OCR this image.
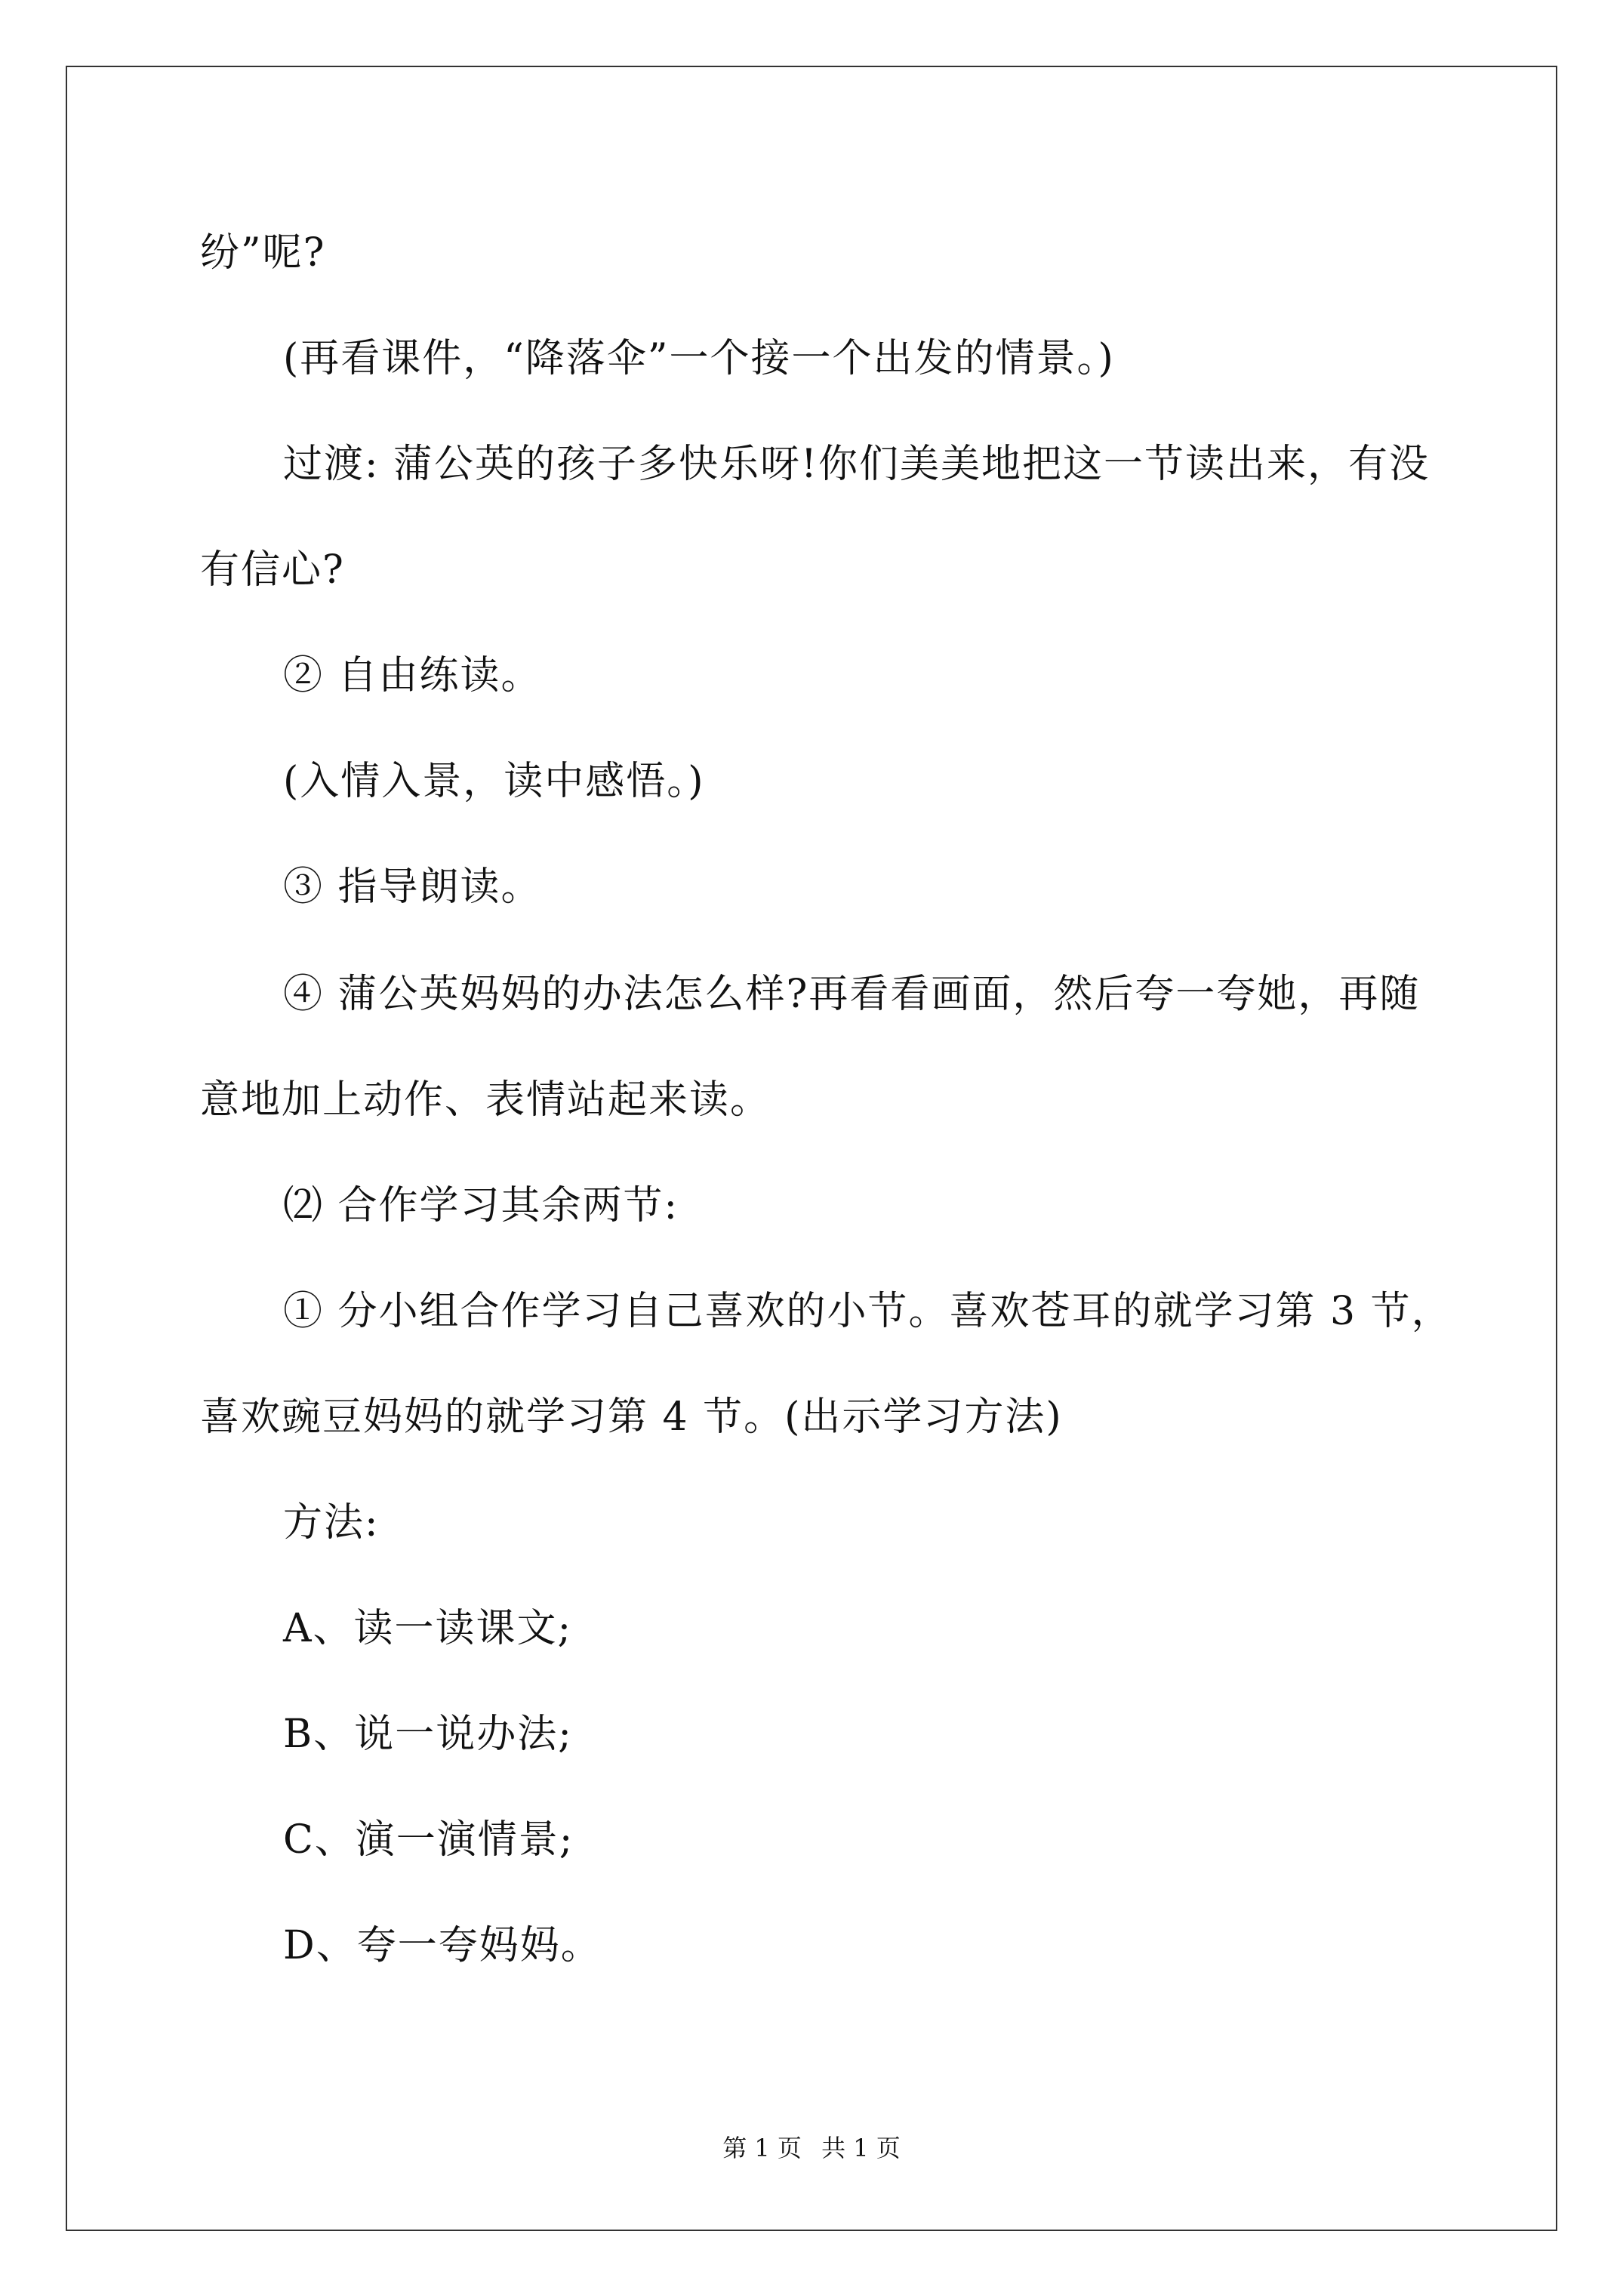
纷”呢?

(再看课件，“降落伞”一个接一个出发的情景。)

过渡: 蒲公英的孩子多快乐呀!你们美美地把这一节读出来，有没

有信心?

② 自由练读。

(入情入景，读中感悟。)

③ 指导朗读。

④ 蒲公英妈妈的办法怎么样?再看看画面，然后夸一夸她，再随

意地加上动作、表情站起来读。

⑵ 合作学习其余两节:

① 分小组合作学习自己喜欢的小节。喜欢苍耳的就学习第 3 节，

喜欢豌豆妈妈的就学习第 4 节。(出示学习方法)

方法:

A、读一读课文;

B、说一说办法;

C、演一演情景;

D、夸一夸妈妈。

第 1 页 共 1 页
